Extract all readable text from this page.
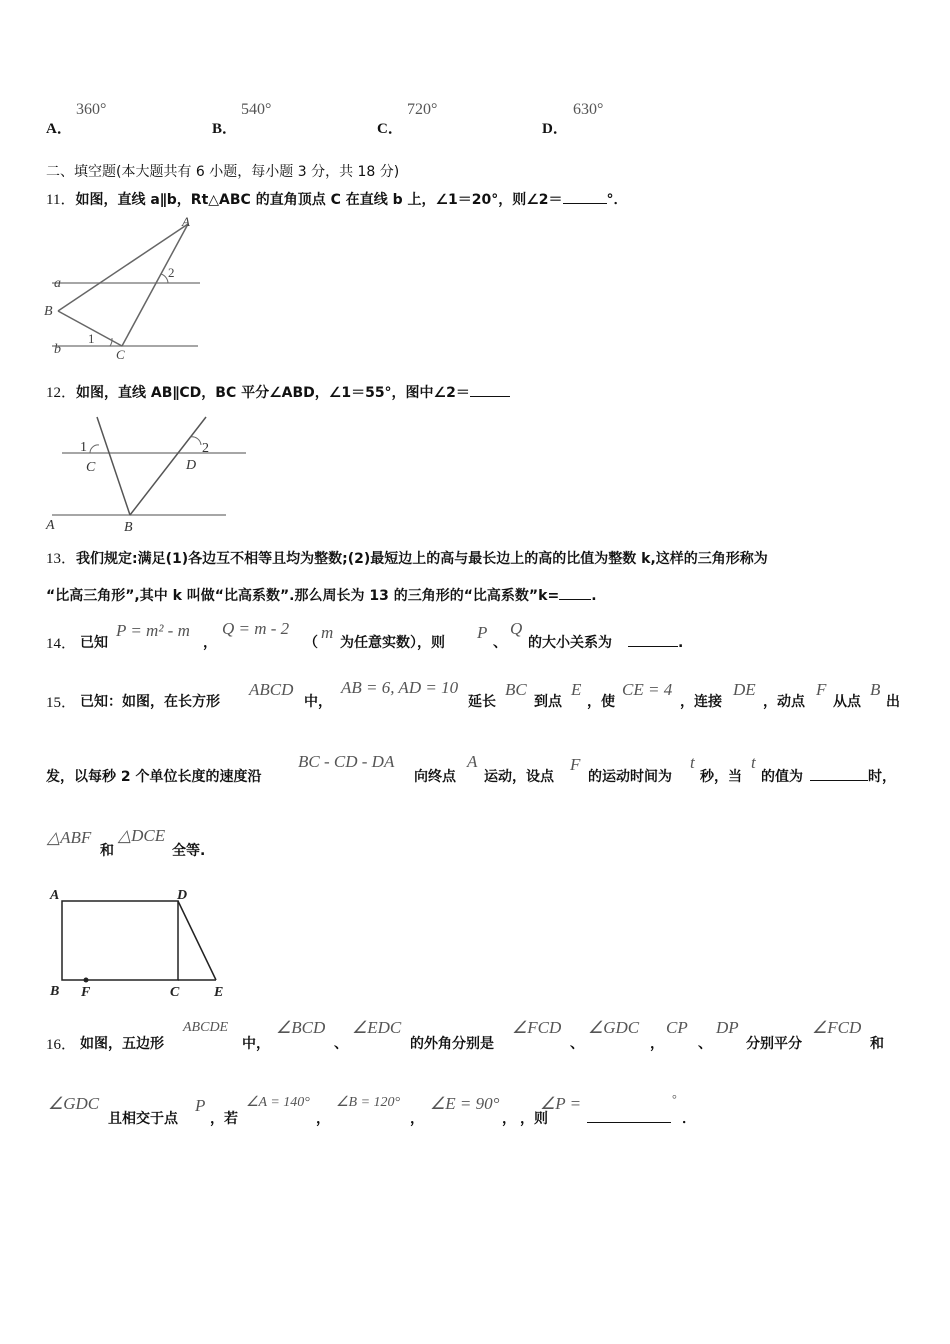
A．
360°
B．
540°
C．
720°
D．
630°
二、填空题(本大题共有 6 小题，每小题 3 分，共 18 分)
11．如图，直线 a∥b，Rt△ABC 的直角顶点 C 在直线 b 上，∠1＝20°，则∠2＝	°．
A
B
C
a
b
1
2
12．如图，直线 AB∥CD，BC 平分∠ABD，∠1＝55°，图中∠2＝
1	2
C	D
A	B
13．我们规定:满足(1)各边互不相等且均为整数;(2)最短边上的高与最长边上的高的比值为整数 k,这样的三角形称为
“比高三角形”,其中 k 叫做“比高系数”.那么周长为 13 的三角形的“比高系数”k= .
14． 已知
P = m² - m
，
Q = m - 2
（
m
为任意实数），则
P
、
Q
的大小关系为	.
15． 已知：如图，在长方形
ABCD
中，
AB = 6, AD = 10
延长
BC
到点
E
，使
CE = 4
，连接
DE
，动点
F
从点
B
出
发，以每秒 2 个单位长度的速度沿
BC - CD - DA
向终点
A
运动，设点
F
的运动时间为
t
秒，当
t
的值为	时，
△ABF
和
△DCE
全等.
A	D
B F	C E
16． 如图，五边形
ABCDE
中，
∠BCD
、
∠EDC
的外角分别是
∠FCD
、
∠GDC
，
CP
、
DP
分别平分
∠FCD
和
∠GDC
且相交于点
P
，若
∠A = 140°
，
∠B = 120°
，
∠E = 90°
， ，则
∠P =	°
．
